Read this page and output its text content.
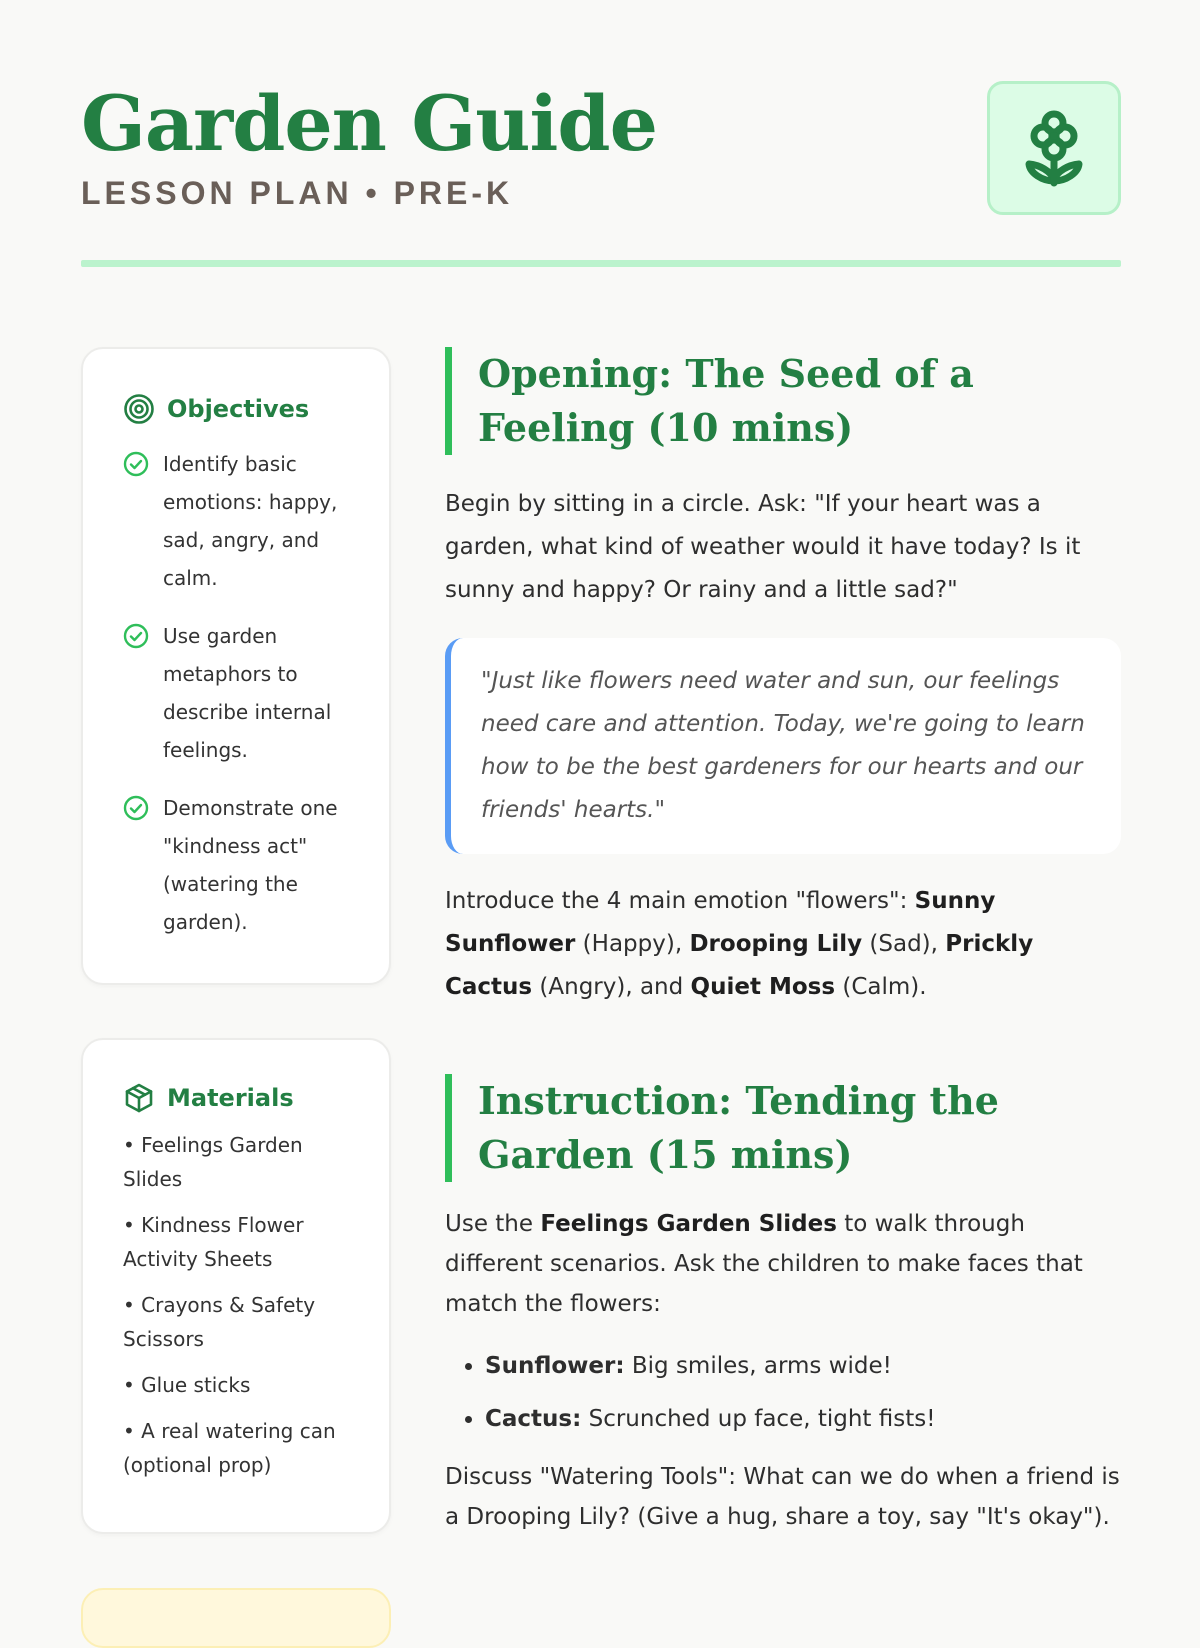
Garden Guide
LESSON PLAN • PRE-K
Objectives
Identify basic emotions: happy, sad, angry, and calm.
Use garden metaphors to describe internal feelings.
Demonstrate one "kindness act" (watering the garden).
Materials
• Feelings Garden Slides
• Kindness Flower Activity Sheets
• Crayons & Safety Scissors
• Glue sticks
• A real watering can (optional prop)
Opening: The Seed of a Feeling (10 mins)

Begin by sitting in a circle. Ask: "If your heart was a garden, what kind of weather would it have today? Is it sunny and happy? Or rainy and a little sad?"

"Just like flowers need water and sun, our feelings need care and attention. Today, we're going to learn how to be the best gardeners for our hearts and our friends' hearts."

Introduce the 4 main emotion "flowers": Sunny Sunflower (Happy), Drooping Lily (Sad), Prickly Cactus (Angry), and Quiet Moss (Calm).

Instruction: Tending the Garden (15 mins)

Use the Feelings Garden Slides to walk through different scenarios. Ask the children to make faces that match the flowers:

• Sunflower: Big smiles, arms wide!
• Cactus: Scrunched up face, tight fists!

Discuss "Watering Tools": What can we do when a friend is a Drooping Lily? (Give a hug, share a toy, say "It's okay").
